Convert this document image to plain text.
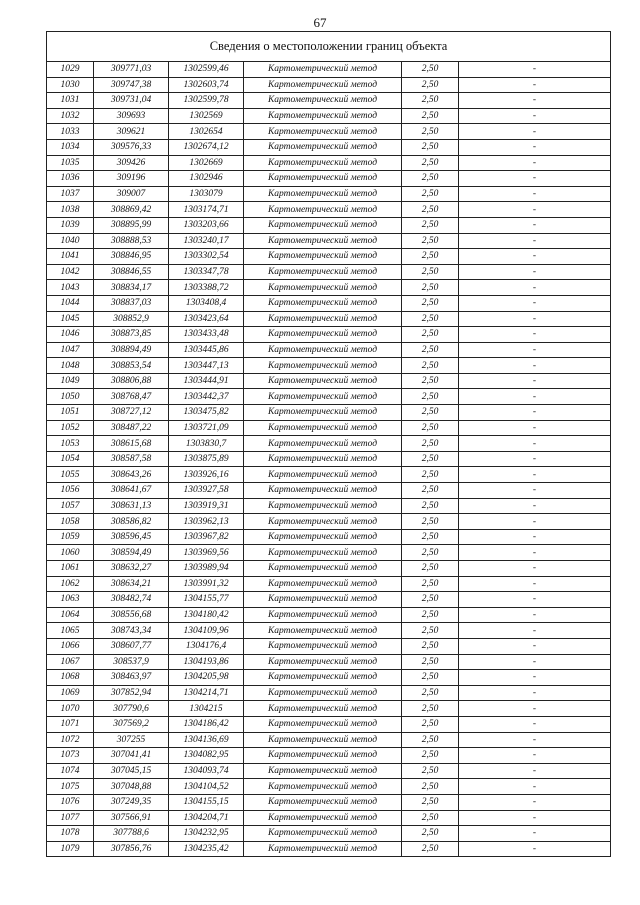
67
Сведения о местоположении границ объекта					
1029	309771,03	1302599,46	Картометрический метод	2,50	-
1030	309747,38	1302603,74	Картометрический метод	2,50	-
1031	309731,04	1302599,78	Картометрический метод	2,50	-
1032	309693	1302569	Картометрический метод	2,50	-
1033	309621	1302654	Картометрический метод	2,50	-
1034	309576,33	1302674,12	Картометрический метод	2,50	-
1035	309426	1302669	Картометрический метод	2,50	-
1036	309196	1302946	Картометрический метод	2,50	-
1037	309007	1303079	Картометрический метод	2,50	-
1038	308869,42	1303174,71	Картометрический метод	2,50	-
1039	308895,99	1303203,66	Картометрический метод	2,50	-
1040	308888,53	1303240,17	Картометрический метод	2,50	-
1041	308846,95	1303302,54	Картометрический метод	2,50	-
1042	308846,55	1303347,78	Картометрический метод	2,50	-
1043	308834,17	1303388,72	Картометрический метод	2,50	-
1044	308837,03	1303408,4	Картометрический метод	2,50	-
1045	308852,9	1303423,64	Картометрический метод	2,50	-
1046	308873,85	1303433,48	Картометрический метод	2,50	-
1047	308894,49	1303445,86	Картометрический метод	2,50	-
1048	308853,54	1303447,13	Картометрический метод	2,50	-
1049	308806,88	1303444,91	Картометрический метод	2,50	-
1050	308768,47	1303442,37	Картометрический метод	2,50	-
1051	308727,12	1303475,82	Картометрический метод	2,50	-
1052	308487,22	1303721,09	Картометрический метод	2,50	-
1053	308615,68	1303830,7	Картометрический метод	2,50	-
1054	308587,58	1303875,89	Картометрический метод	2,50	-
1055	308643,26	1303926,16	Картометрический метод	2,50	-
1056	308641,67	1303927,58	Картометрический метод	2,50	-
1057	308631,13	1303919,31	Картометрический метод	2,50	-
1058	308586,82	1303962,13	Картометрический метод	2,50	-
1059	308596,45	1303967,82	Картометрический метод	2,50	-
1060	308594,49	1303969,56	Картометрический метод	2,50	-
1061	308632,27	1303989,94	Картометрический метод	2,50	-
1062	308634,21	1303991,32	Картометрический метод	2,50	-
1063	308482,74	1304155,77	Картометрический метод	2,50	-
1064	308556,68	1304180,42	Картометрический метод	2,50	-
1065	308743,34	1304109,96	Картометрический метод	2,50	-
1066	308607,77	1304176,4	Картометрический метод	2,50	-
1067	308537,9	1304193,86	Картометрический метод	2,50	-
1068	308463,97	1304205,98	Картометрический метод	2,50	-
1069	307852,94	1304214,71	Картометрический метод	2,50	-
1070	307790,6	1304215	Картометрический метод	2,50	-
1071	307569,2	1304186,42	Картометрический метод	2,50	-
1072	307255	1304136,69	Картометрический метод	2,50	-
1073	307041,41	1304082,95	Картометрический метод	2,50	-
1074	307045,15	1304093,74	Картометрический метод	2,50	-
1075	307048,88	1304104,52	Картометрический метод	2,50	-
1076	307249,35	1304155,15	Картометрический метод	2,50	-
1077	307566,91	1304204,71	Картометрический метод	2,50	-
1078	307788,6	1304232,95	Картометрический метод	2,50	-
1079	307856,76	1304235,42	Картометрический метод	2,50	-
